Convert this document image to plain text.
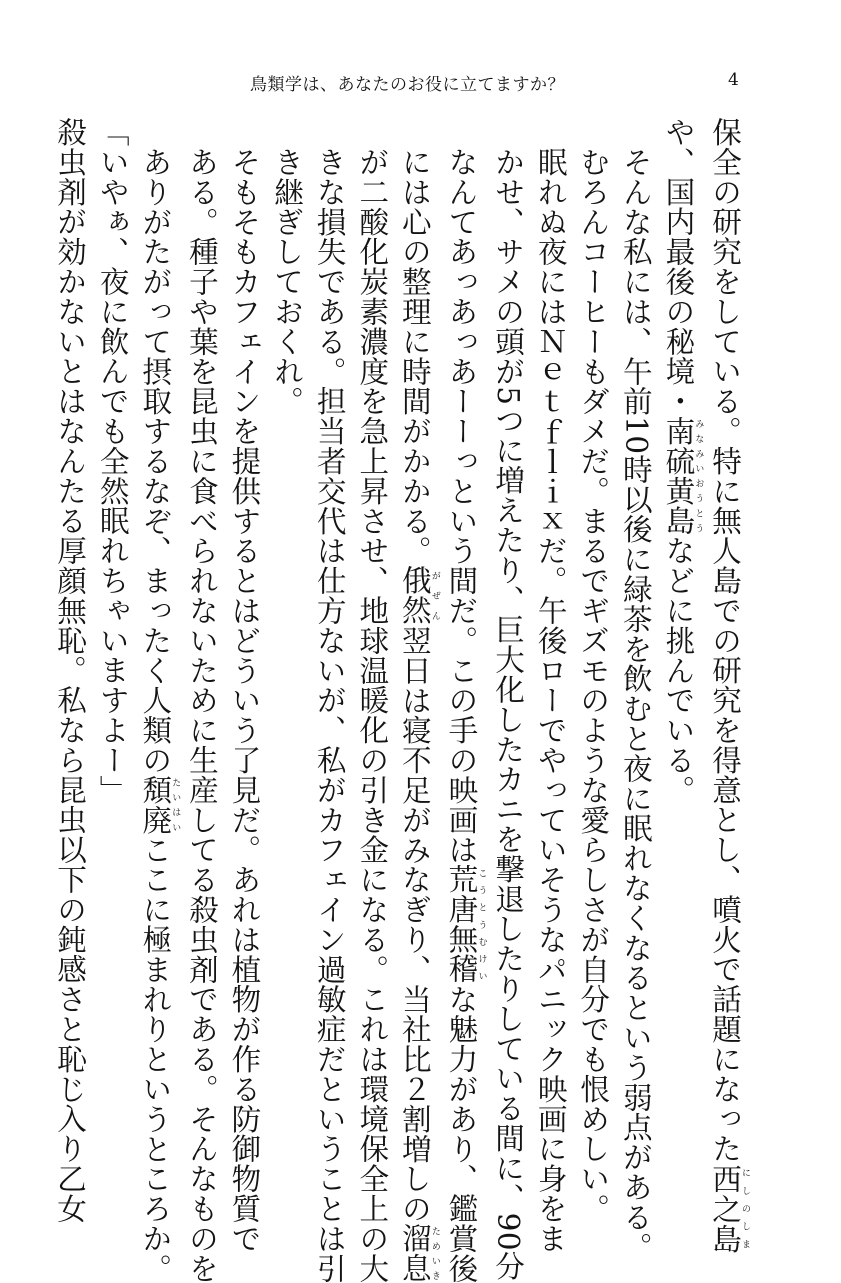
鳥類学は、あなたのお役に立てますか？	4
保全の研究をしている。特に無人島での研究を得意とし、噴火で話題になった西之島にしのしま
や、国内最後の秘境・南硫黄島みなみいおうとうなどに挑んでいる。
そんな私には、午前10時以後に緑茶を飲むと夜に眠れなくなるという弱点がある。
むろんコーヒーもダメだ。まるでギズモのような愛らしさが自分でも恨めしい。
眠れぬ夜にはＮｅｔｆｌｉｘだ。午後ローでやっていそうなパニック映画に身をま
かせ、サメの頭が5つに増えたり、巨大化したカニを撃退したりしている間に、90分
なんてあっあっあーーっという間だ。この手の映画は荒唐無稽こうとうむけいな魅力があり、鑑賞後
には心の整理に時間がかかる。俄然がぜん翌日は寝不足がみなぎり、当社比２割増しの溜息ためいき
が二酸化炭素濃度を急上昇させ、地球温暖化の引き金になる。これは環境保全上の大
きな損失である。担当者交代は仕方ないが、私がカフェイン過敏症だということは引
き継ぎしておくれ。
そもそもカフェインを提供するとはどういう了見だ。あれは植物が作る防御物質で
ある。種子や葉を昆虫に食べられないために生産してる殺虫剤である。そんなものを
ありがたがって摂取するなぞ、まったく人類の頽廃たいはいここに極まれりというところか。
「いやぁ、夜に飲んでも全然眠れちゃいますよー」
殺虫剤が効かないとはなんたる厚顔無恥。私なら昆虫以下の鈍感さと恥じ入り乙女
